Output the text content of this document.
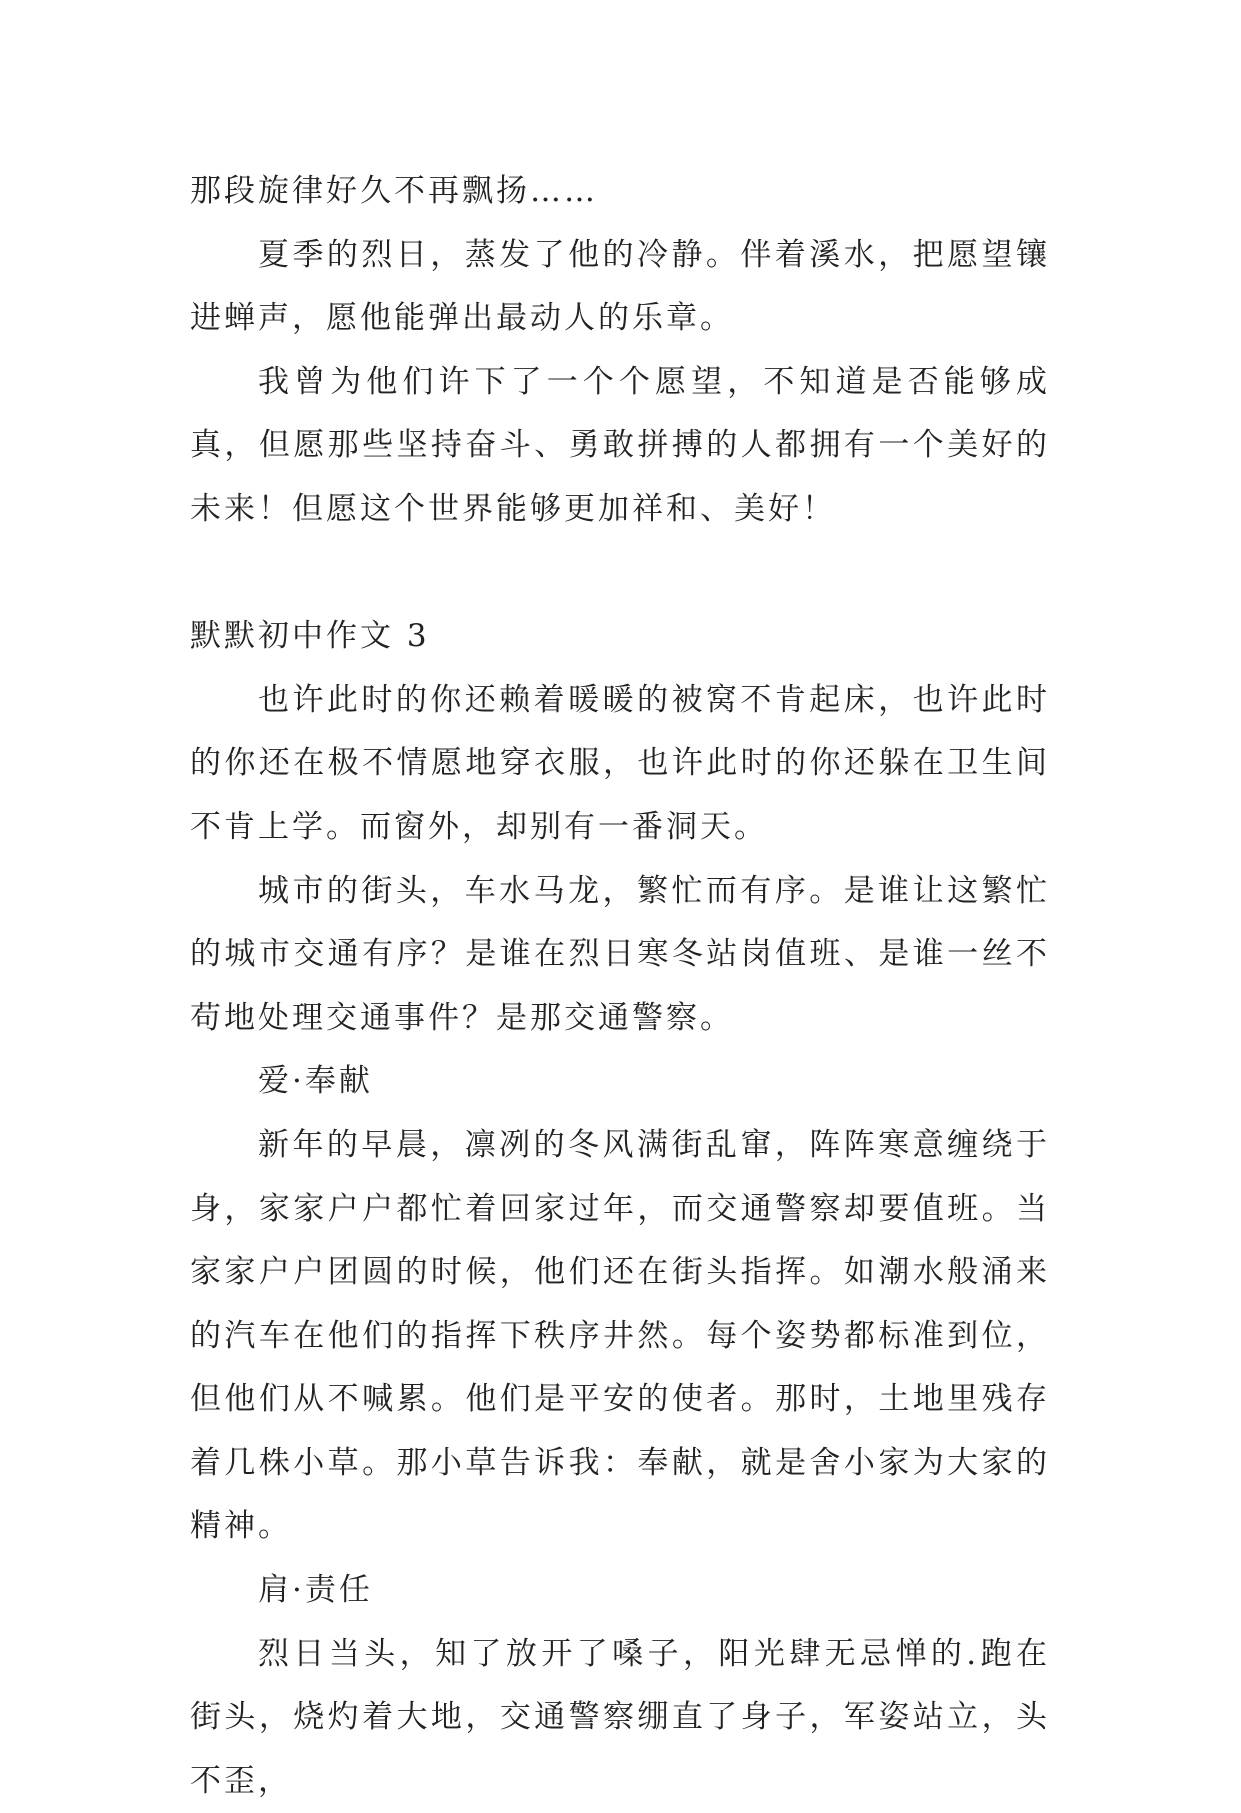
那段旋律好久不再飘扬……

夏季的烈日，蒸发了他的冷静。伴着溪水，把愿望镶进蝉声，愿他能弹出最动人的乐章。

我曾为他们许下了一个个愿望，不知道是否能够成真，但愿那些坚持奋斗、勇敢拼搏的人都拥有一个美好的未来！但愿这个世界能够更加祥和、美好！

默默初中作文 3

也许此时的你还赖着暖暖的被窝不肯起床，也许此时的你还在极不情愿地穿衣服，也许此时的你还躲在卫生间不肯上学。而窗外，却别有一番洞天。

城市的街头，车水马龙，繁忙而有序。是谁让这繁忙的城市交通有序？是谁在烈日寒冬站岗值班、是谁一丝不苟地处理交通事件？是那交通警察。

爱·奉献

新年的早晨，凛冽的冬风满街乱窜，阵阵寒意缠绕于身，家家户户都忙着回家过年，而交通警察却要值班。当家家户户团圆的时候，他们还在街头指挥。如潮水般涌来的汽车在他们的指挥下秩序井然。每个姿势都标准到位，但他们从不喊累。他们是平安的使者。那时，土地里残存着几株小草。那小草告诉我：奉献，就是舍小家为大家的精神。

肩·责任

烈日当头，知了放开了嗓子，阳光肆无忌惮的.跑在街头，烧灼着大地，交通警察绷直了身子，军姿站立，头不歪，
